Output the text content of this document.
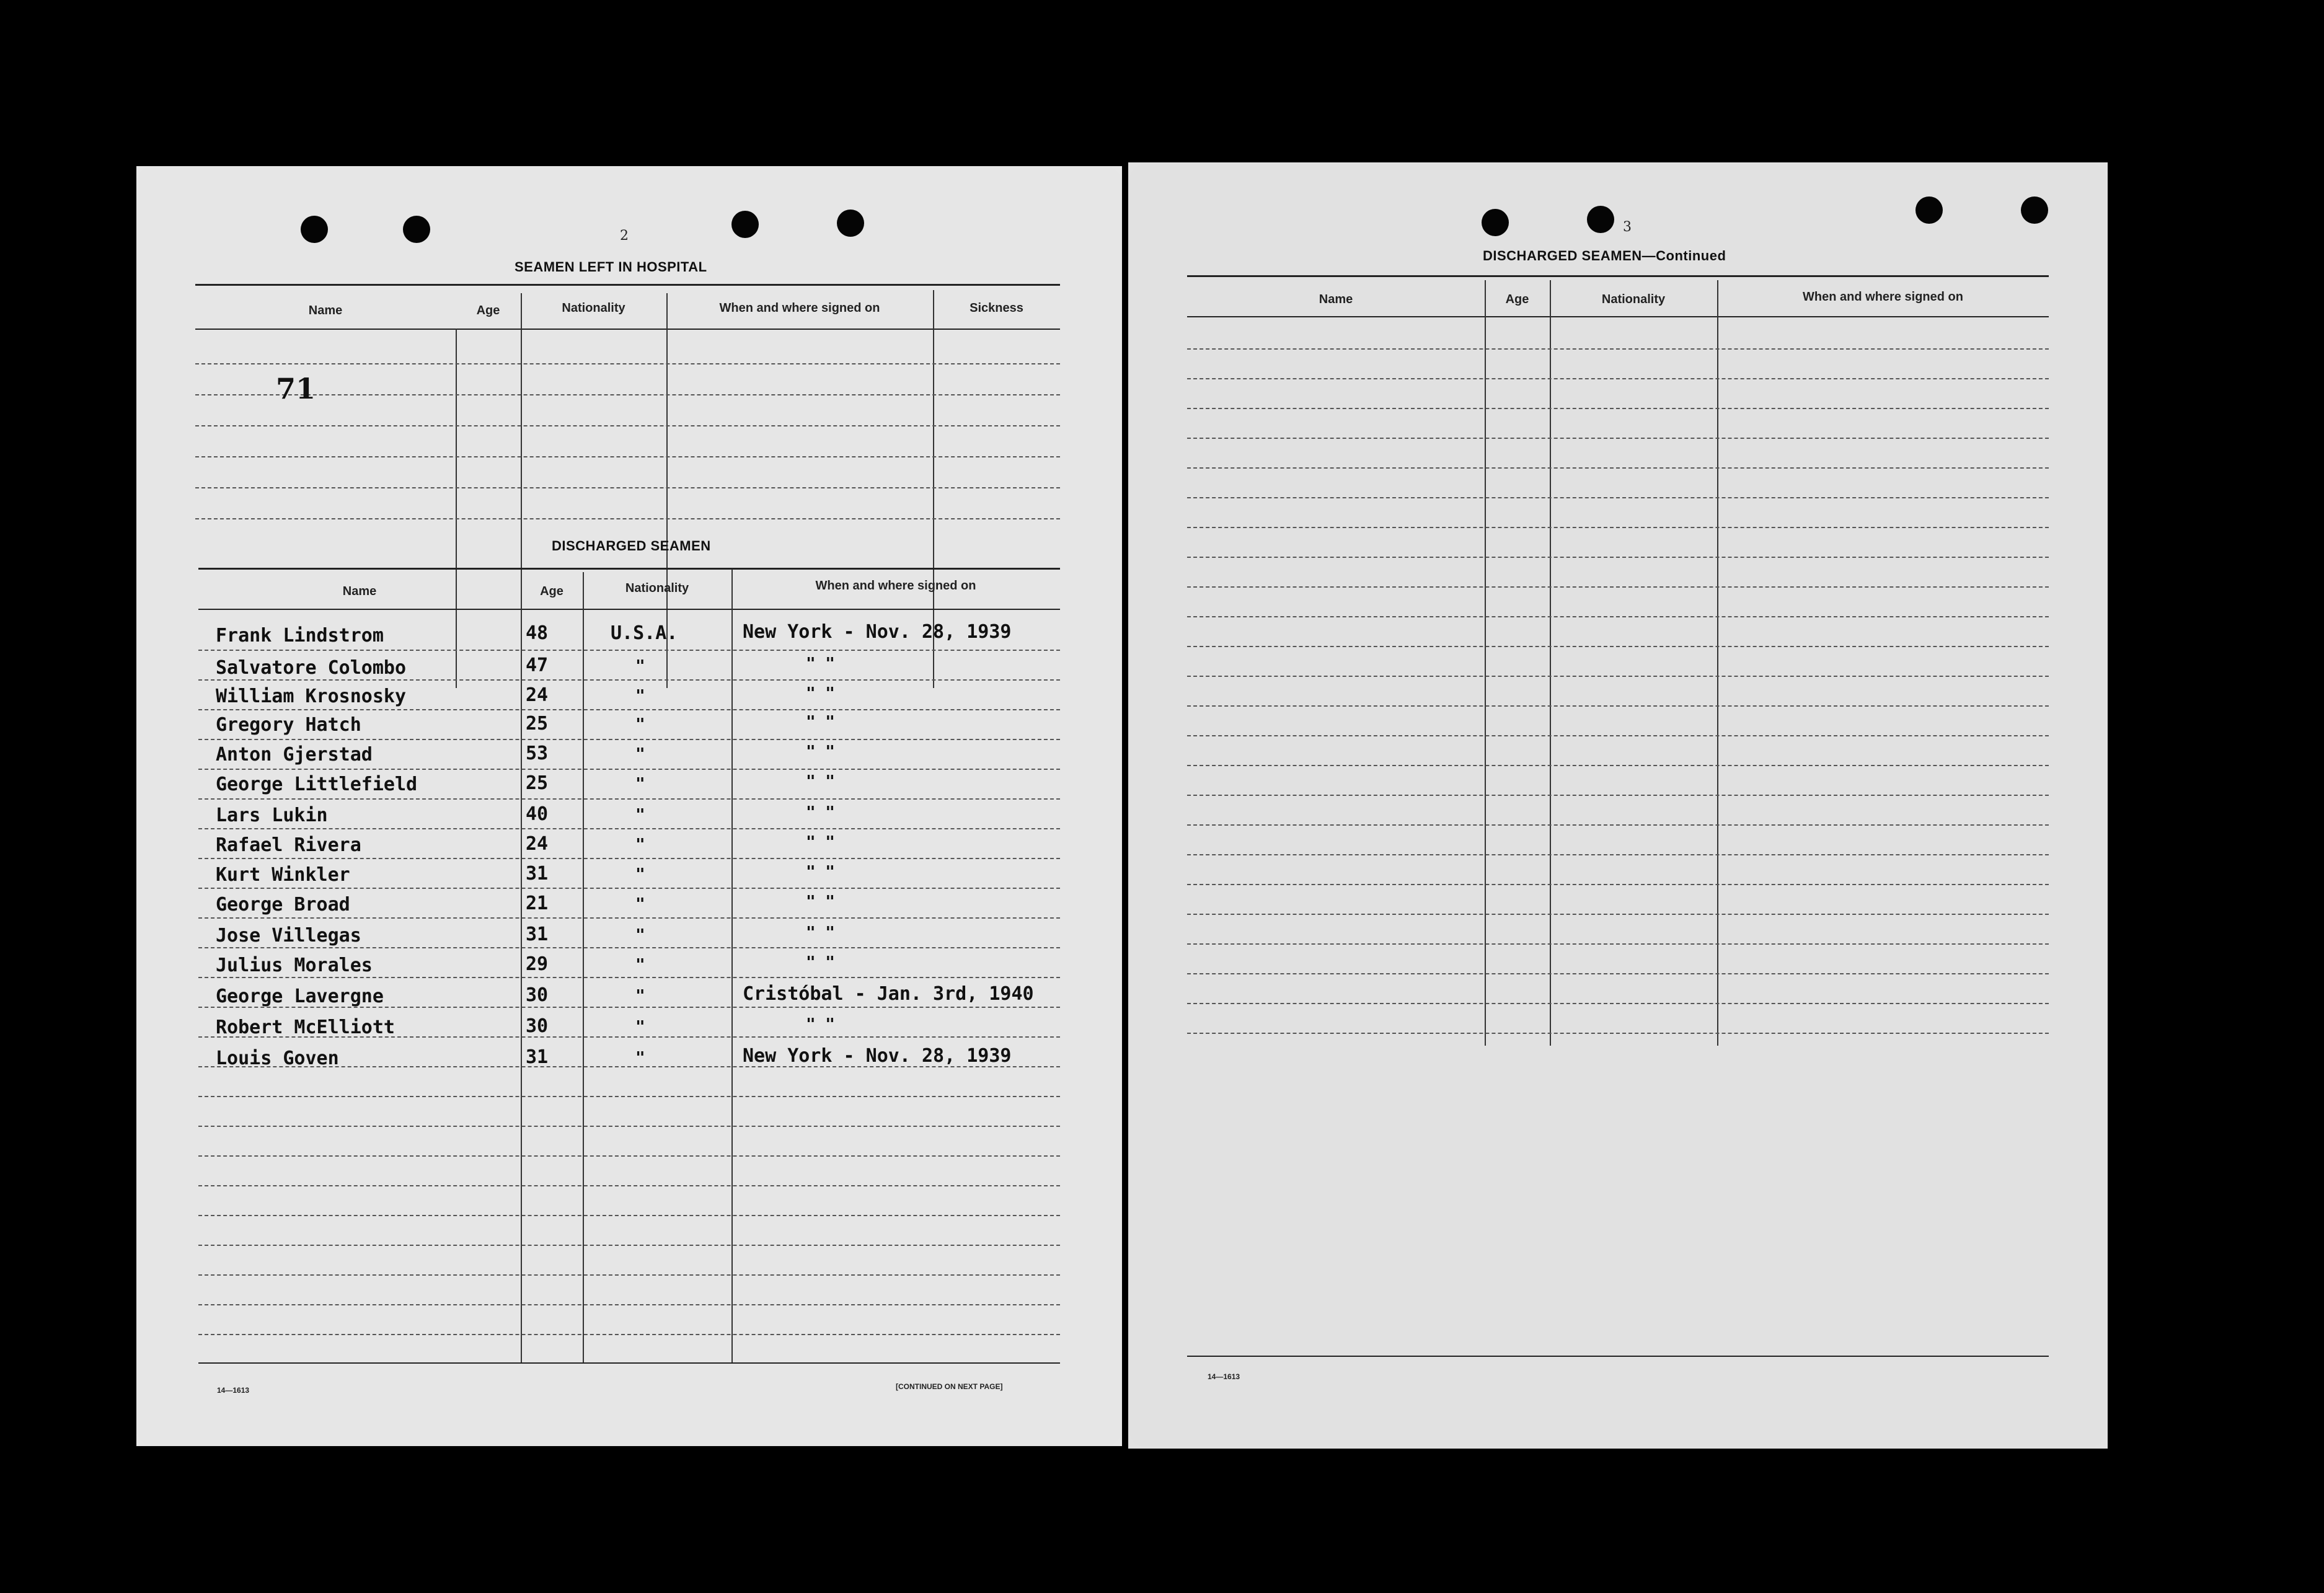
2
SEAMEN LEFT IN HOSPITAL
Name	Age	Nationality	When and where signed on	Sickness
71
DISCHARGED SEAMEN
Name	Age	Nationality	When and where signed on
Frank Lindstrom	48	U.S.A.	New York - Nov. 28, 1939
Salvatore Colombo	47	"	" "
William Krosnosky	24	"	" "
Gregory Hatch	25	"	" "
Anton Gjerstad	53	"	" "
George Littlefield	25	"	" "
Lars Lukin	40	"	" "
Rafael Rivera	24	"	" "
Kurt Winkler	31	"	" "
George Broad	21	"	" "
Jose Villegas	31	"	" "
Julius Morales	29	"	" "
George Lavergne	30	"	Cristóbal - Jan. 3rd, 1940
Robert McElliott	30	"	" "
Louis Goven	31	"	New York - Nov. 28, 1939
14—1613	[CONTINUED ON NEXT PAGE]
3
DISCHARGED SEAMEN—Continued
Name	Age	Nationality	When and where signed on
14—1613
